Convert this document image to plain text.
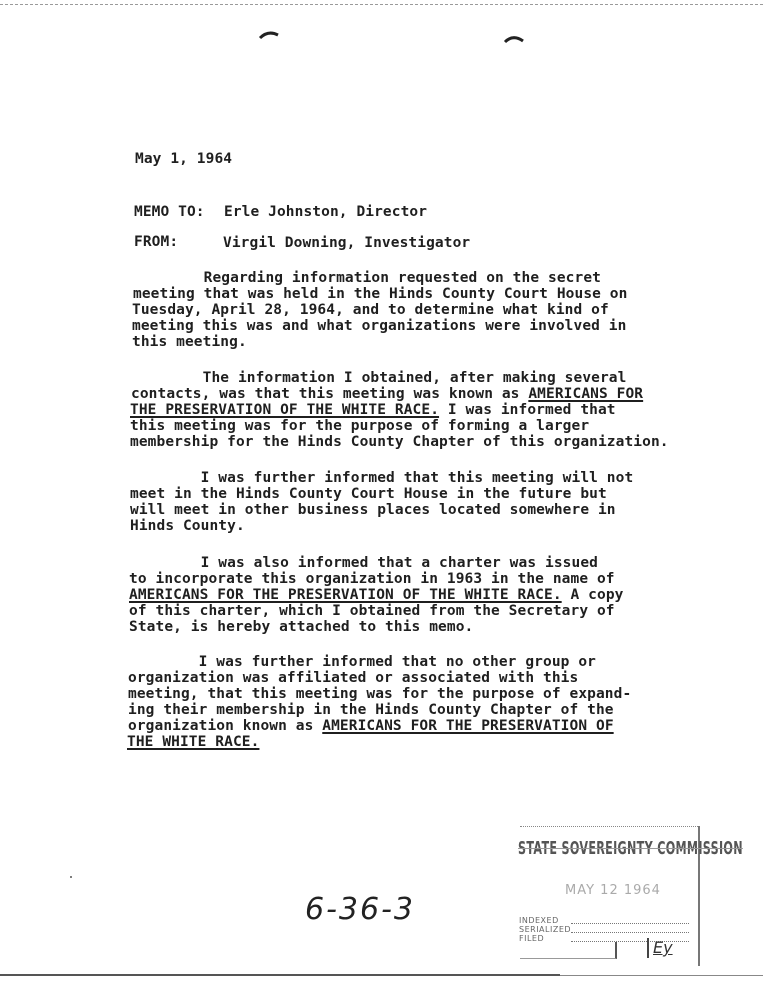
May 1, 1964
MEMO TO: Erle Johnston, Director
FROM:	Virgil Downing, Investigator
Regarding information requested on the secret
meeting that was held in the Hinds County Court House on
Tuesday, April 28, 1964, and to determine what kind of
meeting this was and what organizations were involved in
this meeting.
The information I obtained, after making several
contacts, was that this meeting was known as AMERICANS FOR
THE PRESERVATION OF THE WHITE RACE. I was informed that
this meeting was for the purpose of forming a larger
membership for the Hinds County Chapter of this organization.
I was further informed that this meeting will not
meet in the Hinds County Court House in the future but
will meet in other business places located somewhere in
Hinds County.
I was also informed that a charter was issued
to incorporate this organization in 1963 in the name of
AMERICANS FOR THE PRESERVATION OF THE WHITE RACE. A copy
of this charter, which I obtained from the Secretary of
State, is hereby attached to this memo.
I was further informed that no other group or
organization was affiliated or associated with this
meeting, that this meeting was for the purpose of expand-
ing their membership in the Hinds County Chapter of the
organization known as AMERICANS FOR THE PRESERVATION OF
THE WHITE RACE.
6-36-3
STATE SOVEREIGNTY COMMISSION
MAY 12 1964
INDEXED
SERIALIZED
FILED	Ey
